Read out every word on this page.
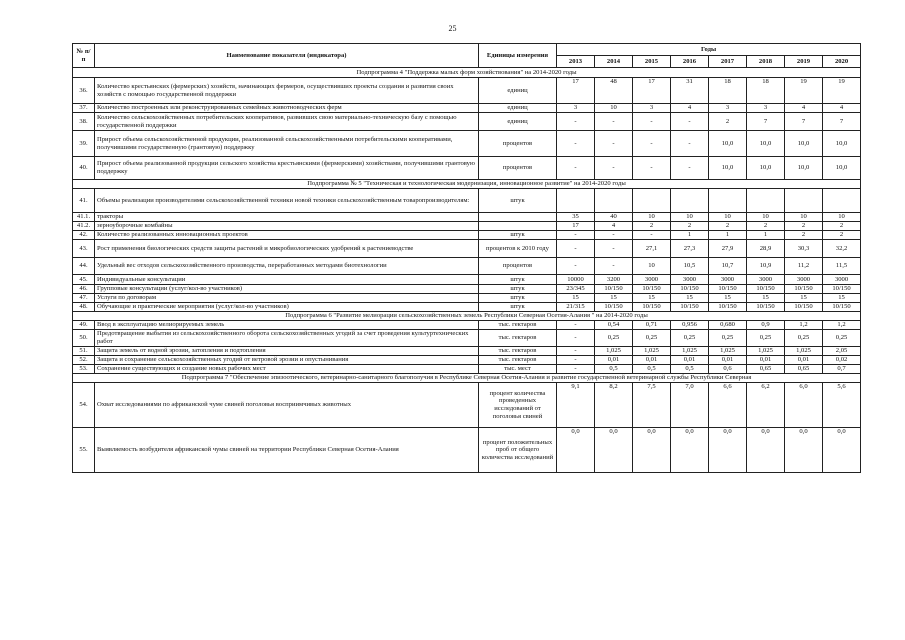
25
№ п/п	Наименование показателя (индикатора)	Единицы измерения	Годы							
			2013	2014	2015	2016	2017	2018	2019	2020
Подпрограмма 4 "Поддержка малых форм хозяйствования" на 2014-2020 годы										
36.	Количество крестьянских (фермерских) хозяйств, начинающих фермеров, осуществивших проекты создания и развития своих хозяйств с помощью государственной поддержки	единиц	17	48	17	31	18	18	19	19
37.	Количество построенных или реконструированных семейных животноводческих ферм	единиц	3	10	3	4	3	3	4	4
38.	Количество сельскохозяйственных потребительских кооперативов, развивших свою материально-техническую базу с помощью государственной поддержки	единиц	-	-	-	-	2	7	7	7
39.	Прирост объема сельскохозяйственной продукции, реализованной сельскохозяйственными потребительскими кооперативами, получившими государственную (грантовую) поддержку	процентов	-	-	-	-	10,0	10,0	10,0	10,0
40.	Прирост объема реализованной продукции сельского хозяйства крестьянскими (фермерскими) хозяйствами, получившими грантовую поддержку	процентов	-	-	-	-	10,0	10,0	10,0	10,0
Подпрограмма № 5 "Техническая и технологическая модернизация, инновационное развитие" на 2014-2020 годы										
41.	Объемы реализации производителями сельскохозяйственной техники новой техники сельскохозяйственным товаропроизводителям:	штук								
41.1.	тракторы		35	40	10	10	10	10	10	10
41.2.	зерноуборочные комбайны		17	4	2	2	2	2	2	2
42.	Количество реализованных инновационных проектов	штук	-	-	-	1	1	1	2	2
43.	Рост применения биологических средств защиты растений и микробиологических удобрений к растениеводстве	процентов к 2010 году	-	-	27,1	27,3	27,9	28,9	30,3	32,2
44.	Удельный вес отходов сельскохозяйственного производства, переработанных методами биотехнологии	процентов	-	-	10	10,5	10,7	10,9	11,2	11,5
45.	Индивидуальные консультации	штук	10000	3200	3000	3000	3000	3000	3000	3000
46.	Групповые консультации (услуг/кол-во участников)	штук	23/345	10/150	10/150	10/150	10/150	10/150	10/150	10/150
47.	Услуги по договорам	штук	15	15	15	15	15	15	15	15
48.	Обучающие и практические мероприятия (услуг/кол-во участников)	штук	21/315	10/150	10/150	10/150	10/150	10/150	10/150	10/150
Подпрограмма 6 "Развитие мелиорации сельскохозяйственных земель Республики Северная Осетия-Алания " на 2014-2020 годы										
49.	Ввод в эксплуатацию мелиорируемых земель	тыс. гектаров	-	0,54	0,71	0,956	0,680	0,9	1,2	1,2
50.	Предотвращение выбытия из сельскохозяйственного оборота сельскохозяйственных угодий за счет проведения культуртехнических работ	тыс. гектаров	-	0,25	0,25	0,25	0,25	0,25	0,25	0,25
51.	Защита земель от водной эрозии, затопления и подтопления	тыс. гектаров	-	1,025	1,025	1,025	1,025	1,025	1,025	2,05
52.	Защита и сохранение сельскохозяйственных угодий от ветровой эрозии и опустынивания	тыс. гектаров	-	0,01	0,01	0,01	0,01	0,01	0,01	0,02
53.	Сохранение существующих и создание новых рабочих мест	тыс. мест	-	0,5	0,5	0,5	0,6	0,65	0,65	0,7
Подпрограмма 7 "Обеспечение эпизоотического, ветеринарно-санитарного благополучия в Республике Северная Осетия-Алания и развитие государственной ветеринарной службы Республики Северная										
54.	Охват исследованиями по африканской чуме свиней поголовья восприимчивых животных	процент количества проведенных исследований от поголовья свиней	9,1	8,2	7,5	7,0	6,6	6,2	6,0	5,6
55.	Выявляемость возбудителя африканской чумы свиней на территории Республики Северная Осетия-Алания	процент положительных проб от общего количества исследований	0,0	0,0	0,0	0,0	0,0	0,0	0,0	0,0
